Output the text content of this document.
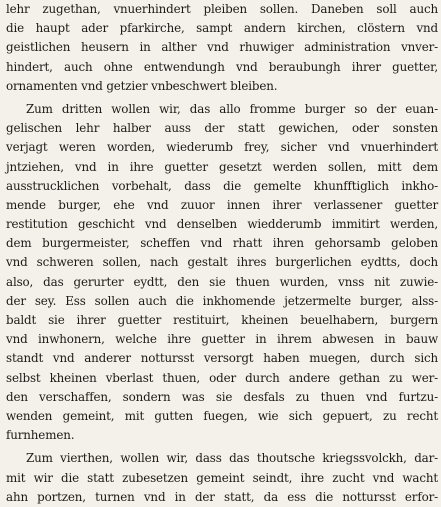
lehr zugethan, vnuerhindert pleiben sollen. Daneben soll auch
die haupt ader pfarkirche, sampt andern kirchen, clöstern vnd
geistlichen heusern in alther vnd rhuwiger administration vnver-
hindert, auch ohne entwendungh vnd beraubungh ihrer guetter,
ornamenten vnd getzier vnbeschwert bleiben.
Zum dritten wollen wir, das allo fromme burger so der euan-
gelischen lehr halber auss der statt gewichen, oder sonsten
verjagt weren worden, wiederumb frey, sicher vnd vnuerhindert
jntziehen, vnd in ihre guetter gesetzt werden sollen, mitt dem
ausstrucklichen vorbehalt, dass die gemelte khunfftiglich inkho-
mende burger, ehe vnd zuuor innen ihrer verlassener guetter
restitution geschicht vnd denselben wiedderumb immitirt werden,
dem burgermeister, scheffen vnd rhatt ihren gehorsamb geloben
vnd schweren sollen, nach gestalt ihres burgerlichen eydtts, doch
also, das gerurter eydtt, den sie thuen wurden, vnss nit zuwie-
der sey. Ess sollen auch die inkhomende jetzermelte burger, alss-
baldt sie ihrer guetter restituirt, kheinen beuelhabern, burgern
vnd inwhonern, welche ihre guetter in ihrem abwesen in bauw
standt vnd anderer nottursst versorgt haben muegen, durch sich
selbst kheinen vberlast thuen, oder durch andere gethan zu wer-
den verschaffen, sondern was sie desfals zu thuen vnd furtzu-
wenden gemeint, mit gutten fuegen, wie sich gepuert, zu recht
furnhemen.
Zum vierthen, wollen wir, dass das thoutsche kriegssvolckh, dar-
mit wir die statt zubesetzen gemeint seindt, ihre zucht vnd wacht
ahn portzen, turnen vnd in der statt, da ess die nottursst erfor-
